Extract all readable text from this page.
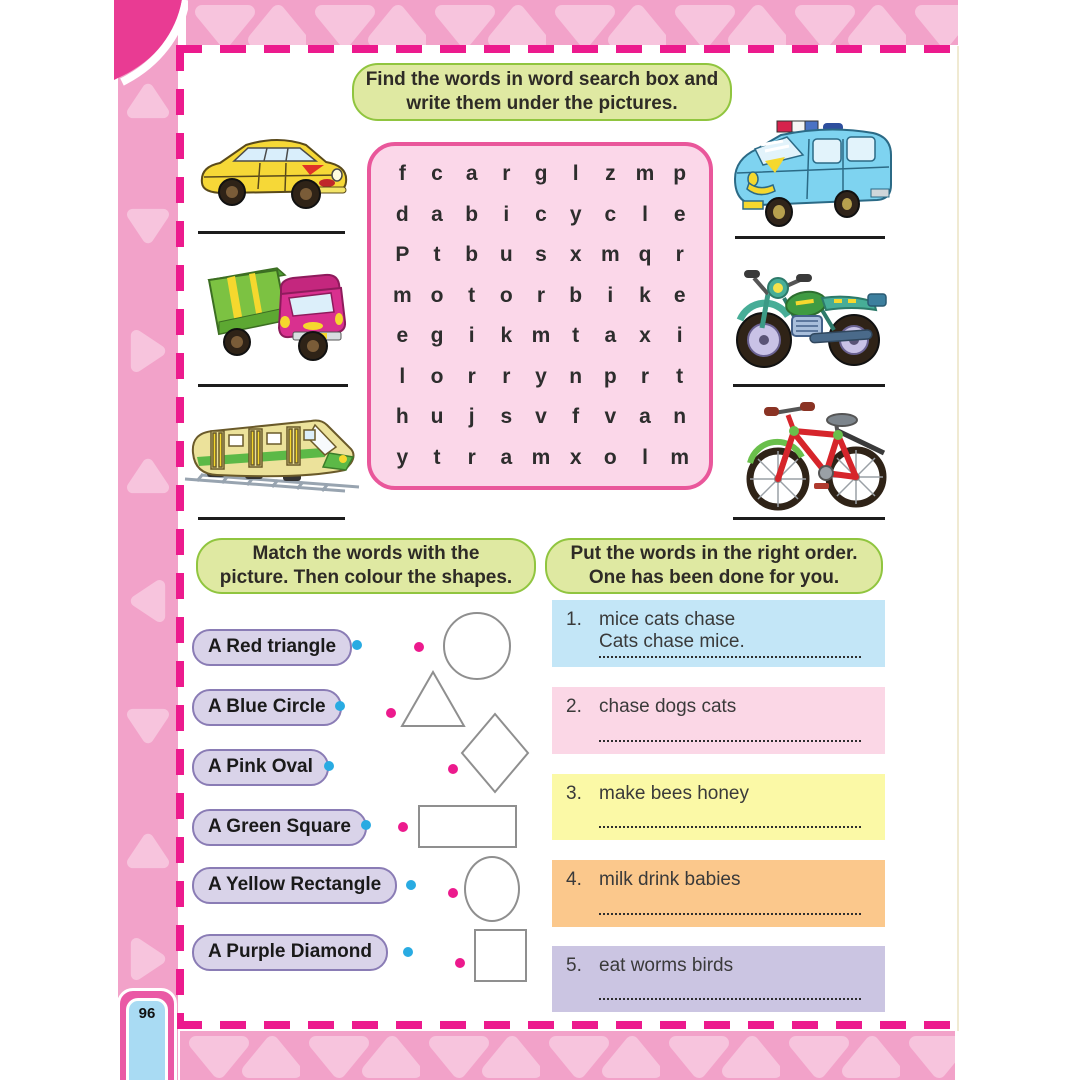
96
Find the words in word search box and
write them under the pictures.
f	c	a	r	g	l	z m p
d	a	b	i	c	y	c	l	e
P	t	b	u	s	x m q	r
m o	t	o	r	b	i	k	e
e	g	i	k m	t	a	x	i
l	o	r	r	y	n	p	r	t
h	u	j	s	v	f	v	a	n
y	t	r	a m x	o	l	m
Match the words with the
picture. Then colour the shapes.
A Red triangle
A Blue Circle
A Pink Oval
A Green Square
A Yellow Rectangle
A Purple Diamond
Put the words in the right order.
One has been done for you.
1. mice cats chase
Cats chase mice.
2. chase dogs cats
3. make bees honey
4. milk drink babies
5. eat worms birds
